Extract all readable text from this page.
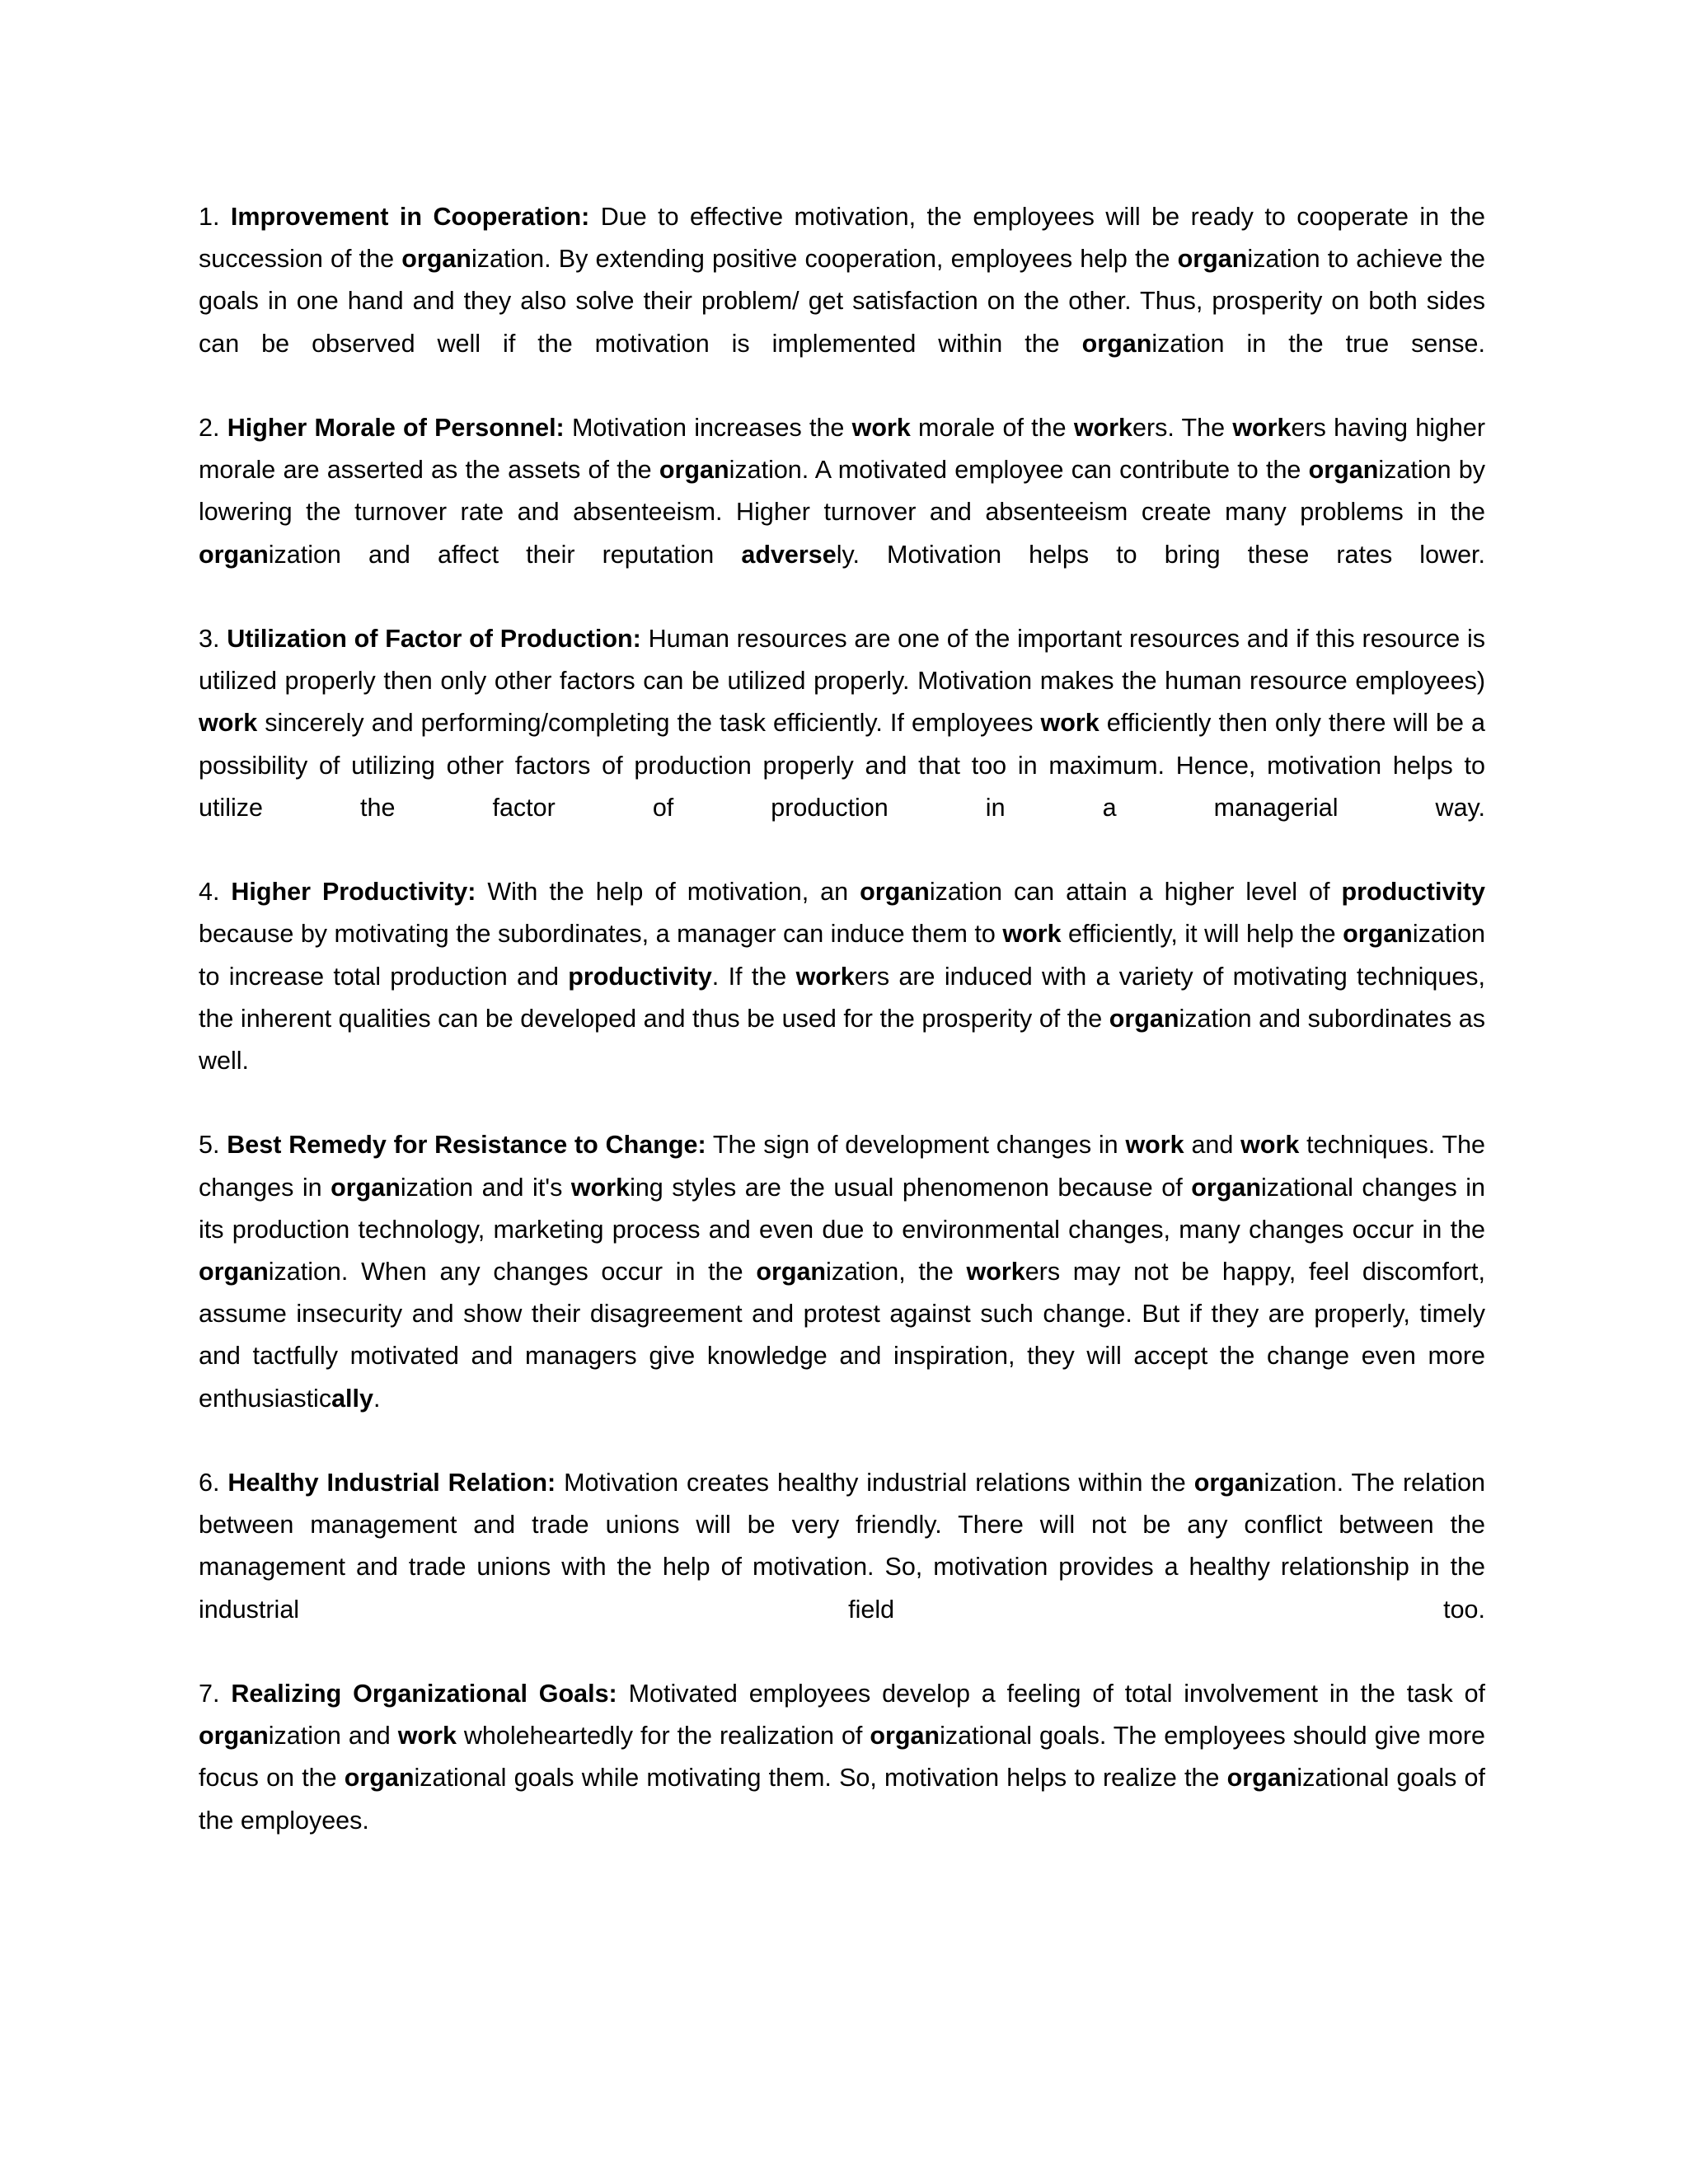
1. Improvement in Cooperation: Due to effective motivation, the employees will be ready to cooperate in the succession of the organization. By extending positive cooperation, employees help the organization to achieve the goals in one hand and they also solve their problem/ get satisfaction on the other. Thus, prosperity on both sides can be observed well if the motivation is implemented within the organization in the true sense.

2. Higher Morale of Personnel: Motivation increases the work morale of the workers. The workers having higher morale are asserted as the assets of the organization. A motivated employee can contribute to the organization by lowering the turnover rate and absenteeism. Higher turnover and absenteeism create many problems in the organization and affect their reputation adversely. Motivation helps to bring these rates lower.

3. Utilization of Factor of Production: Human resources are one of the important resources and if this resource is utilized properly then only other factors can be utilized properly. Motivation makes the human resource employees) work sincerely and performing/completing the task efficiently. If employees work efficiently then only there will be a possibility of utilizing other factors of production properly and that too in maximum. Hence, motivation helps to utilize the factor of production in a managerial way.

4. Higher Productivity: With the help of motivation, an organization can attain a higher level of productivity because by motivating the subordinates, a manager can induce them to work efficiently, it will help the organization to increase total production and productivity. If the workers are induced with a variety of motivating techniques, the inherent qualities can be developed and thus be used for the prosperity of the organization and subordinates as well.

5. Best Remedy for Resistance to Change: The sign of development changes in work and work techniques. The changes in organization and it's working styles are the usual phenomenon because of organizational changes in its production technology, marketing process and even due to environmental changes, many changes occur in the organization. When any changes occur in the organization, the workers may not be happy, feel discomfort, assume insecurity and show their disagreement and protest against such change. But if they are properly, timely and tactfully motivated and managers give knowledge and inspiration, they will accept the change even more enthusiastically.

6. Healthy Industrial Relation: Motivation creates healthy industrial relations within the organization. The relation between management and trade unions will be very friendly. There will not be any conflict between the management and trade unions with the help of motivation. So, motivation provides a healthy relationship in the industrial field too.

7. Realizing Organizational Goals: Motivated employees develop a feeling of total involvement in the task of organization and work wholeheartedly for the realization of organizational goals. The employees should give more focus on the organizational goals while motivating them. So, motivation helps to realize the organizational goals of the employees.
